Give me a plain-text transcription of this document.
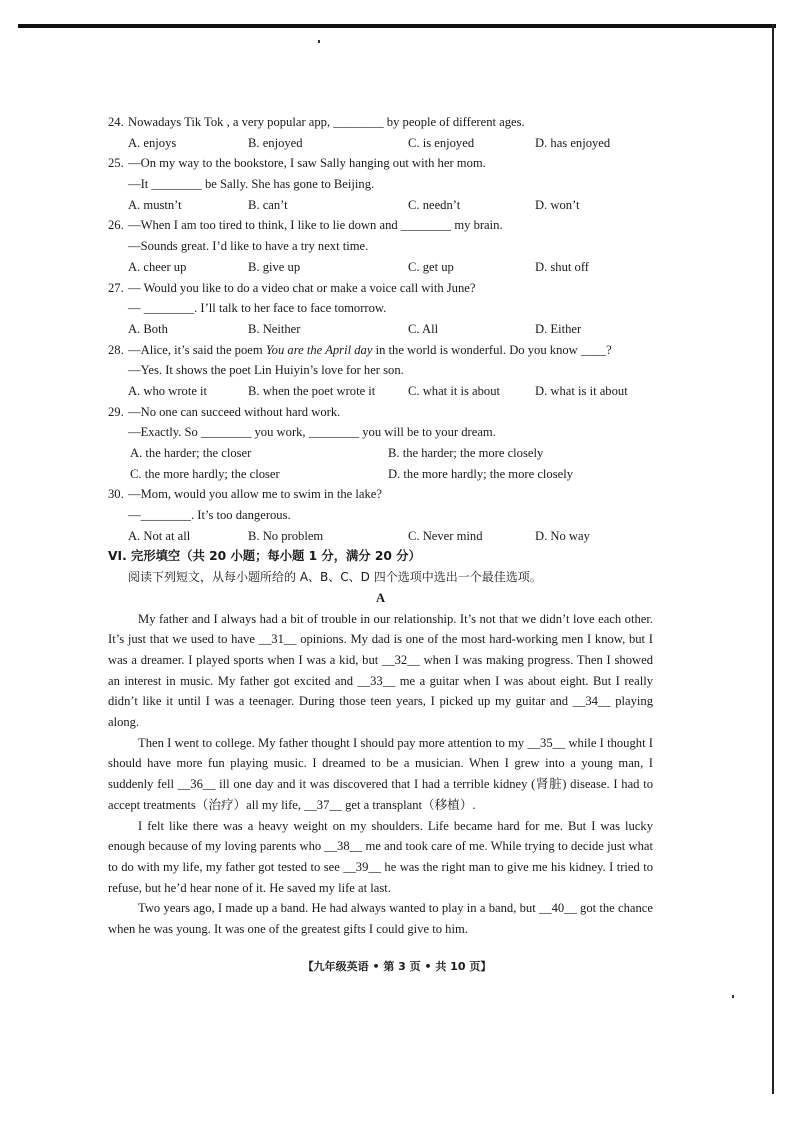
24. Nowadays Tik Tok , a very popular app, ________ by people of different ages.
A. enjoys	B. enjoyed	C. is enjoyed	D. has enjoyed
25. —On my way to the bookstore, I saw Sally hanging out with her mom.
—It ________ be Sally. She has gone to Beijing.
A. mustn’t	B. can’t	C. needn’t	D. won’t
26. —When I am too tired to think, I like to lie down and ________ my brain.
—Sounds great. I’d like to have a try next time.
A. cheer up	B. give up	C. get up	D. shut off
27. — Would you like to do a video chat or make a voice call with June?
— ________. I’ll talk to her face to face tomorrow.
A. Both	B. Neither	C. All	D. Either
28. —Alice, it’s said the poem You are the April day in the world is wonderful. Do you know ____?
—Yes. It shows the poet Lin Huiyin’s love for her son.
A. who wrote it	B. when the poet wrote it	C. what it is about	D. what is it about
29. —No one can succeed without hard work.
—Exactly. So ________ you work, ________ you will be to your dream.
A. the harder; the closer	B. the harder; the more closely
C. the more hardly; the closer	D. the more hardly; the more closely
30. —Mom, would you allow me to swim in the lake?
—________. It’s too dangerous.
A. Not at all	B. No problem	C. Never mind	D. No way
VI. 完形填空（共 20 小题；每小题 1 分，满分 20 分）
阅读下列短文，从每小题所给的 A、B、C、D 四个选项中选出一个最佳选项。
A
My father and I always had a bit of trouble in our relationship. It’s not that we didn’t love each other. It’s just that we used to have __31__ opinions. My dad is one of the most hard-working men I know, but I was a dreamer. I played sports when I was a kid, but __32__ when I was making progress. Then I showed an interest in music. My father got excited and __33__ me a guitar when I was about eight. But I really didn’t like it until I was a teenager. During those teen years, I picked up my guitar and __34__ playing along.
Then I went to college. My father thought I should pay more attention to my __35__ while I thought I should have more fun playing music. I dreamed to be a musician. When I grew into a young man, I suddenly fell __36__ ill one day and it was discovered that I had a terrible kidney (肾脏) disease. I had to accept treatments（治疗）all my life, __37__ get a transplant（移植）.
I felt like there was a heavy weight on my shoulders. Life became hard for me. But I was lucky enough because of my loving parents who __38__ me and took care of me. While trying to decide just what to do with my life, my father got tested to see __39__ he was the right man to give me his kidney. I tried to refuse, but he’d hear none of it. He saved my life at last.
Two years ago, I made up a band. He had always wanted to play in a band, but __40__ got the chance when he was young. It was one of the greatest gifts I could give to him.
【九年级英语 • 第 3 页 • 共 10 页】
